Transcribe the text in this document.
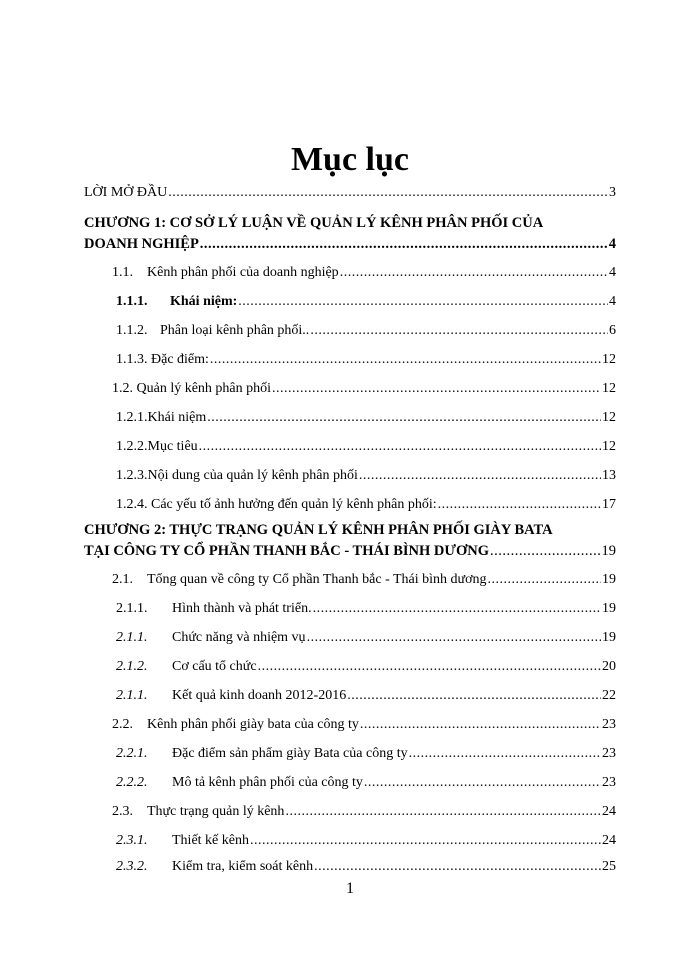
Mục lục
LỜI MỞ ĐẦU .....	3
CHƯƠNG 1: CƠ SỞ LÝ LUẬN VỀ QUẢN LÝ KÊNH PHÂN PHỐI CỦA
DOANH NGHIỆP .....	4
1.1.	Kênh phân phối của doanh nghiệp .....	4
1.1.1.	Khái niệm: .....	4
1.1.2. Phân loại kênh phân phối.. .....	6
1.1.3. Đặc điểm: .....	12
1.2. Quản lý kênh phân phối .....	12
1.2.1.Khái niệm .....	12
1.2.2.Mục tiêu .....	12
1.2.3.Nội dung của quản lý kênh phân phối .....	13
1.2.4. Các yếu tố ảnh hưởng đến quản lý kênh phân phối: .....	17
CHƯƠNG 2: THỰC TRẠNG QUẢN LÝ KÊNH PHÂN PHỐI GIÀY BATA
TẠI CÔNG TY CỔ PHẦN THANH BẮC - THÁI BÌNH DƯƠNG .....	19
2.1.	Tổng quan về công ty Cổ phần Thanh bắc - Thái bình dương .....	19
2.1.1.	Hình thành và phát triển. .....	19
2.1.1.	Chức năng và nhiệm vụ .....	19
2.1.2.	Cơ cấu tổ chức .....	20
2.1.1.	Kết quả kinh doanh 2012-2016 .....	22
2.2.	Kênh phân phối giày bata của công ty .....	23
2.2.1.	Đặc điểm sản phẩm giày Bata của công ty .....	23
2.2.2.	Mô tả kênh phân phối của công ty .....	23
2.3.	Thực trạng quản lý kênh .....	24
2.3.1.	Thiết kế kênh .....	24
2.3.2.	Kiểm tra, kiểm soát kênh .....	25
1
